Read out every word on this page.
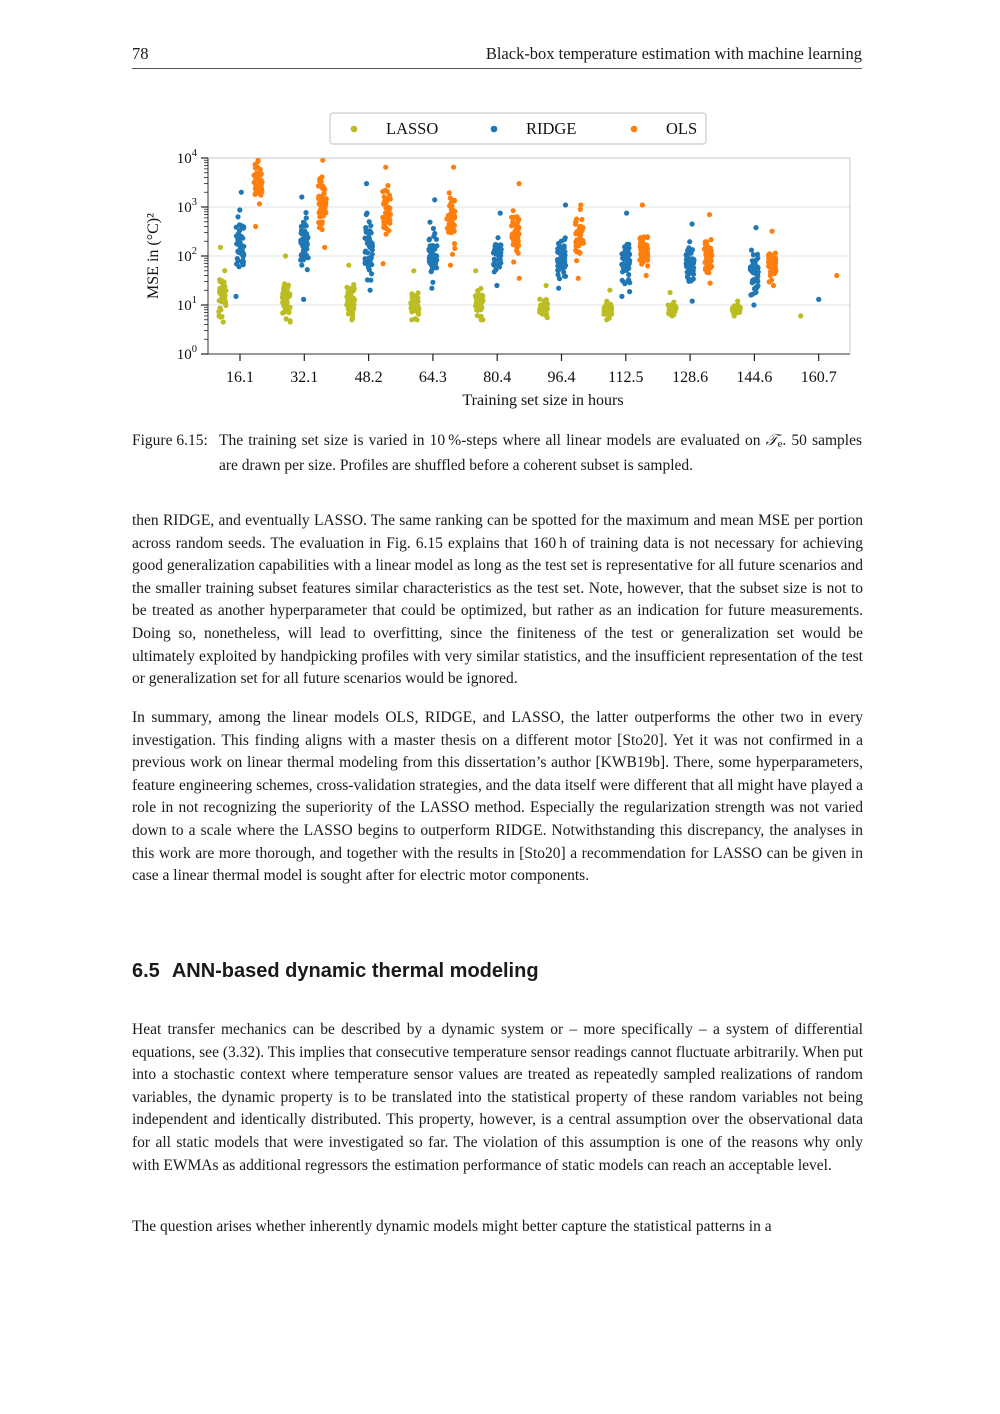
78	Black-box temperature estimation with machine learning
$10^0$
$10^1$
$10^2$
$10^3$
$10^4$
16.1 32.1 48.2 64.3 80.4 96.4 112.5 128.6 144.6 160.7
Training set size in hours
MSE in (°C)²
LASSO	RIDGE	OLS
Figure 6.15: The training set size is varied in 10 %-steps where all linear models are evaluated on 𝒯e. 50 samples are drawn per size. Profiles are shuffled before a coherent subset is sampled.

then RIDGE, and eventually LASSO. The same ranking can be spotted for the maximum and mean MSE per portion across random seeds. The evaluation in Fig. 6.15 explains that 160 h of training data is not necessary for achieving good generalization capabilities with a linear model as long as the test set is representative for all future scenarios and the smaller training subset features similar characteristics as the test set. Note, however, that the subset size is not to be treated as another hyperparameter that could be optimized, but rather as an indication for future measurements. Doing so, nonetheless, will lead to overfitting, since the finiteness of the test or generalization set would be ultimately exploited by handpicking profiles with very similar statistics, and the insufficient representation of the test or generalization set for all future scenarios would be ignored.

In summary, among the linear models OLS, RIDGE, and LASSO, the latter outperforms the other two in every investigation. This finding aligns with a master thesis on a different motor [Sto20]. Yet it was not confirmed in a previous work on linear thermal modeling from this dissertation’s author [KWB19b]. There, some hyperparameters, feature engineering schemes, cross-validation strategies, and the data itself were different that all might have played a role in not recognizing the superiority of the LASSO method. Especially the regularization strength was not varied down to a scale where the LASSO begins to outperform RIDGE. Notwithstanding this discrepancy, the analyses in this work are more thorough, and together with the results in [Sto20] a recommendation for LASSO can be given in case a linear thermal model is sought after for electric motor components.

6.5 ANN-based dynamic thermal modeling

Heat transfer mechanics can be described by a dynamic system or – more specifically – a system of differential equations, see (3.32). This implies that consecutive temperature sensor readings cannot fluctuate arbitrarily. When put into a stochastic context where temperature sensor values are treated as repeatedly sampled realizations of random variables, the dynamic property is to be translated into the statistical property of these random variables not being independent and identically distributed. This property, however, is a central assumption over the observational data for all static models that were investigated so far. The violation of this assumption is one of the reasons why only with EWMAs as additional regressors the estimation performance of static models can reach an acceptable level.

The question arises whether inherently dynamic models might better capture the statistical patterns in a
